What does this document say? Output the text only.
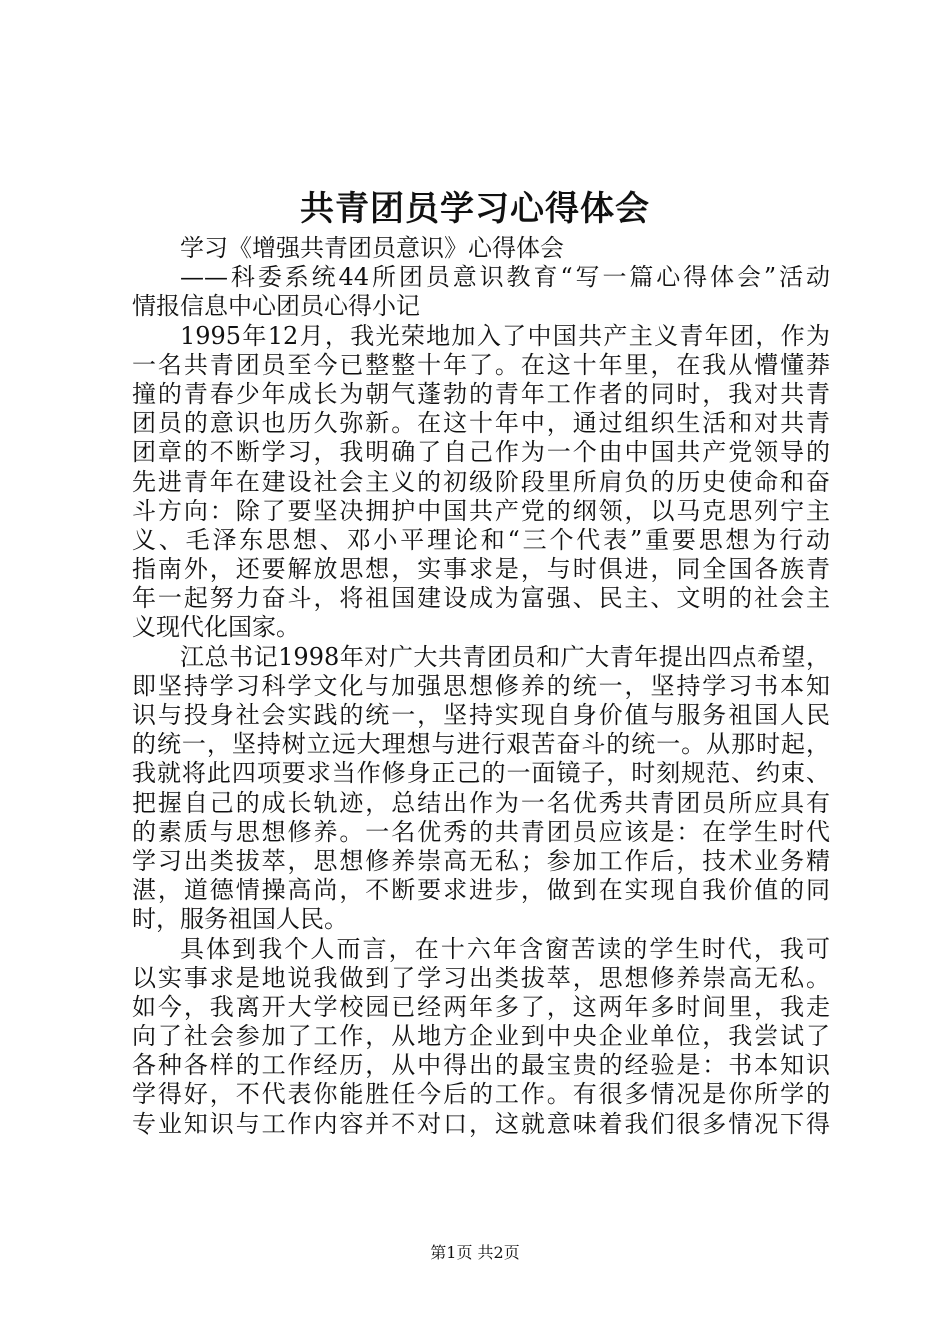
共青团员学习心得体会
学习《增强共青团员意识》心得体会
——科委系统44所团员意识教育“写一篇心得体会”活动
情报信息中心团员心得小记
1995年12月，我光荣地加入了中国共产主义青年团，作为
一名共青团员至今已整整十年了。在这十年里，在我从懵懂莽
撞的青春少年成长为朝气蓬勃的青年工作者的同时，我对共青
团员的意识也历久弥新。在这十年中，通过组织生活和对共青
团章的不断学习，我明确了自己作为一个由中国共产党领导的
先进青年在建设社会主义的初级阶段里所肩负的历史使命和奋
斗方向：除了要坚决拥护中国共产党的纲领，以马克思列宁主
义、毛泽东思想、邓小平理论和“三个代表”重要思想为行动
指南外，还要解放思想，实事求是，与时俱进，同全国各族青
年一起努力奋斗，将祖国建设成为富强、民主、文明的社会主
义现代化国家。
江总书记1998年对广大共青团员和广大青年提出四点希望，
即坚持学习科学文化与加强思想修养的统一，坚持学习书本知
识与投身社会实践的统一，坚持实现自身价值与服务祖国人民
的统一，坚持树立远大理想与进行艰苦奋斗的统一。从那时起，
我就将此四项要求当作修身正己的一面镜子，时刻规范、约束、
把握自己的成长轨迹，总结出作为一名优秀共青团员所应具有
的素质与思想修养。一名优秀的共青团员应该是：在学生时代
学习出类拔萃，思想修养崇高无私；参加工作后，技术业务精
湛，道德情操高尚，不断要求进步，做到在实现自我价值的同
时，服务祖国人民。
具体到我个人而言，在十六年含窗苦读的学生时代，我可
以实事求是地说我做到了学习出类拔萃，思想修养崇高无私。
如今，我离开大学校园已经两年多了，这两年多时间里，我走
向了社会参加了工作，从地方企业到中央企业单位，我尝试了
各种各样的工作经历，从中得出的最宝贵的经验是：书本知识
学得好，不代表你能胜任今后的工作。有很多情况是你所学的
专业知识与工作内容并不对口，这就意味着我们很多情况下得
第1页 共2页
